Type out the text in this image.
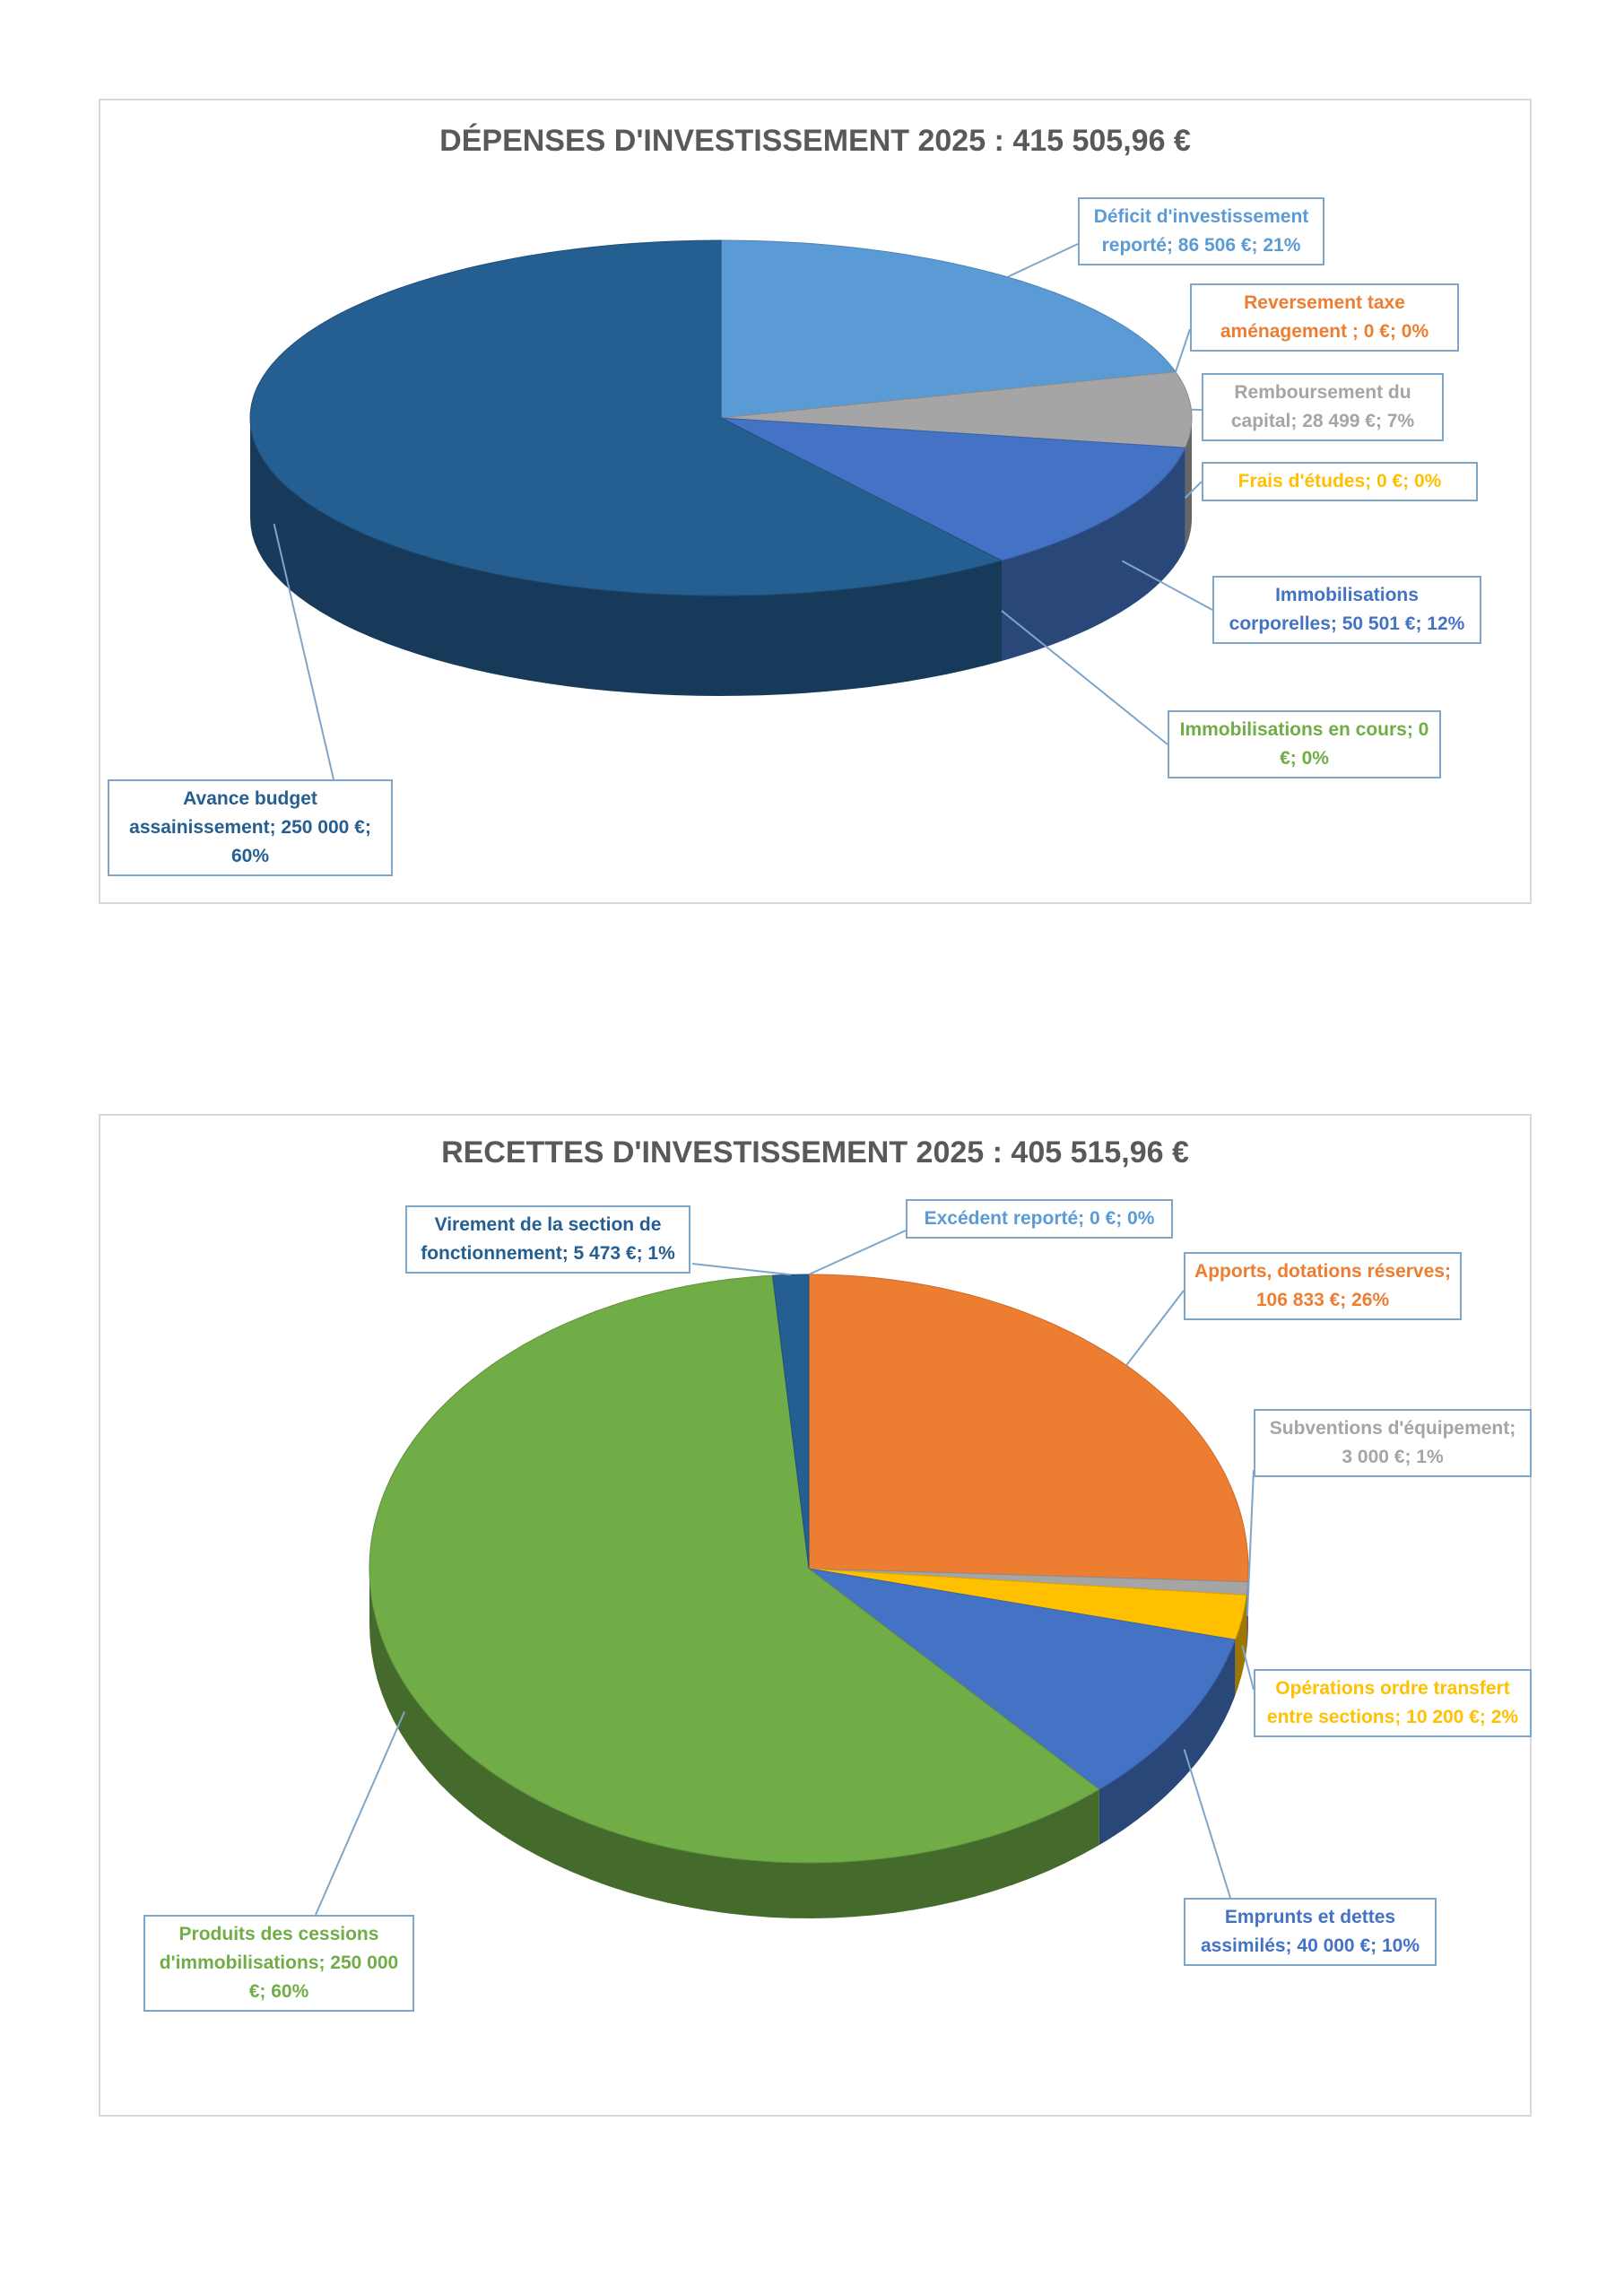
DÉPENSES D'INVESTISSEMENT 2025 : 415 505,96 €
Déficit d'investissement reporté; 86 506 €; 21%
Reversement taxe aménagement ; 0 €; 0%
Remboursement du capital; 28 499 €; 7%
Frais d'études; 0 €; 0%
Immobilisations corporelles; 50 501 €; 12%
Immobilisations en cours; 0 €; 0%
Avance budget assainissement; 250 000 €; 60%
RECETTES D'INVESTISSEMENT 2025 : 405 515,96 €
Excédent reporté; 0 €; 0%
Apports, dotations réserves; 106 833 €; 26%
Subventions d'équipement; 3 000 €; 1%
Opérations ordre transfert entre sections; 10 200 €; 2%
Emprunts et dettes assimilés; 40 000 €; 10%
Produits des cessions d'immobilisations; 250 000 €; 60%
Virement de la section de fonctionnement; 5 473 €; 1%
